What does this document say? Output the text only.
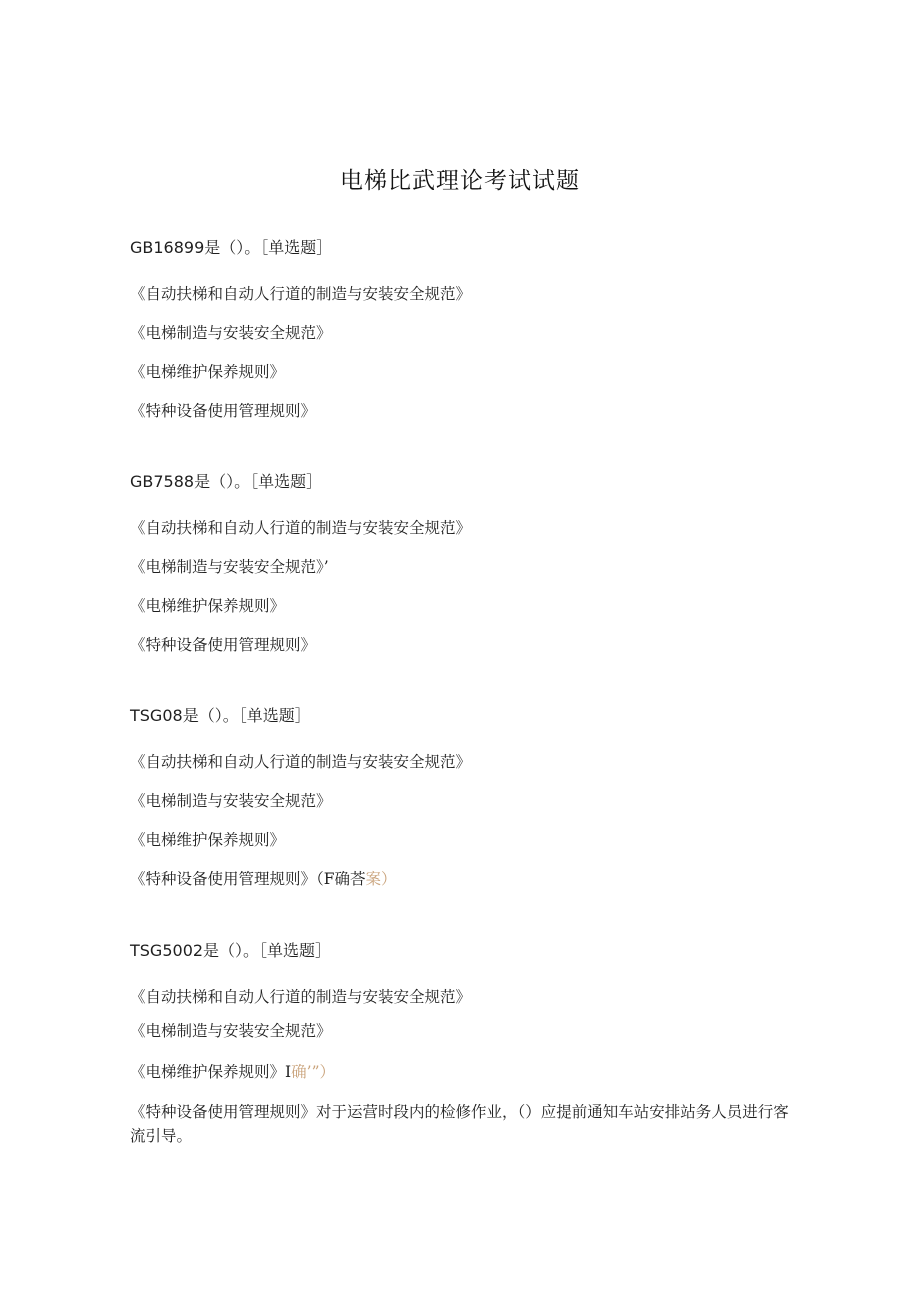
电梯比武理论考试试题
GB16899是（）。［单选题］
《自动扶梯和自动人行道的制造与安装安全规范》
《电梯制造与安装安全规范》
《电梯维护保养规则》
《特种设备使用管理规则》
GB7588是（）。［单选题］
《自动扶梯和自动人行道的制造与安装安全规范》
《电梯制造与安装安全规范》’
《电梯维护保养规则》
《特种设备使用管理规则》
TSG08是（）。［单选题］
《自动扶梯和自动人行道的制造与安装安全规范》
《电梯制造与安装安全规范》
《电梯维护保养规则》
《特种设备使用管理规则》（F确荅案）
TSG5002是（）。［单选题］
《自动扶梯和自动人行道的制造与安装安全规范》
《电梯制造与安装安全规范》
《电梯维护保养规则》I确’”）
《特种设备使用管理规则》对于运营时段内的检修作业，（）应提前通知车站安排站务人员进行客流引导。
